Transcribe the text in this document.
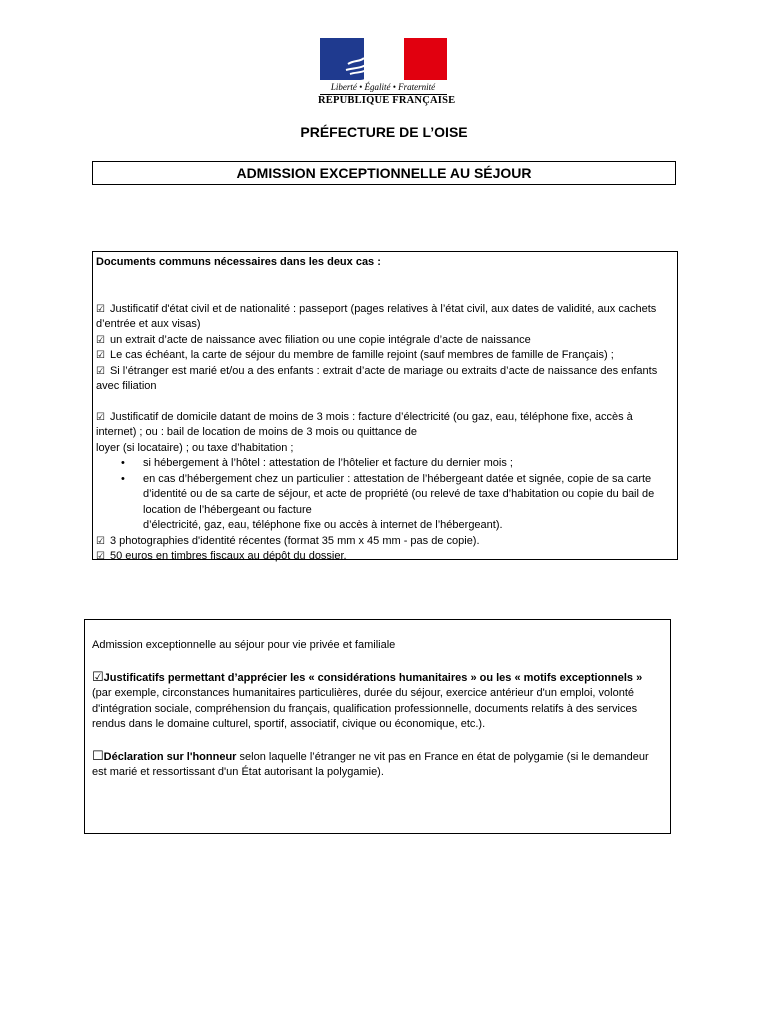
Liberté • Égalité • Fraternité
RÉPUBLIQUE FRANÇAISE
PRÉFECTURE DE L’OISE
ADMISSION EXCEPTIONNELLE AU SÉJOUR
Documents communs nécessaires dans les deux cas :
☑ Justificatif d'état civil et de nationalité : passeport (pages relatives à l’état civil, aux dates de validité, aux cachets d’entrée et aux visas)
☑ un extrait d’acte de naissance avec filiation ou une copie intégrale d’acte de naissance
☑ Le cas échéant, la carte de séjour du membre de famille rejoint (sauf membres de famille de Français) ;
☑ Si l’étranger est marié et/ou a des enfants : extrait d’acte de mariage ou extraits d’acte de naissance des enfants avec filiation
☑ Justificatif de domicile datant de moins de 3 mois : facture d’électricité (ou gaz, eau, téléphone fixe, accès à internet) ; ou : bail de location de moins de 3 mois ou quittance de
loyer (si locataire) ; ou taxe d’habitation ;
• si hébergement à l’hôtel : attestation de l’hôtelier et facture du dernier mois ;
• en cas d’hébergement chez un particulier : attestation de l’hébergeant datée et signée, copie de sa carte d’identité ou de sa carte de séjour, et acte de propriété (ou relevé de taxe d’habitation ou copie du bail de location de l’hébergeant ou facture
d’électricité, gaz, eau, téléphone fixe ou accès à internet de l’hébergeant).
☑ 3 photographies d'identité récentes (format 35 mm x 45 mm - pas de copie).
☑ 50 euros en timbres fiscaux au dépôt du dossier.
Admission exceptionnelle au séjour pour vie privée et familiale
☑Justificatifs permettant d’apprécier les « considérations humanitaires » ou les « motifs exceptionnels » (par exemple, circonstances humanitaires particulières, durée du séjour, exercice antérieur d'un emploi, volonté d'intégration sociale, compréhension du français, qualification professionnelle, documents relatifs à des services rendus dans le domaine culturel, sportif, associatif, civique ou économique, etc.).
☐Déclaration sur l'honneur selon laquelle l’étranger ne vit pas en France en état de polygamie (si le demandeur est marié et ressortissant d'un État autorisant la polygamie).
